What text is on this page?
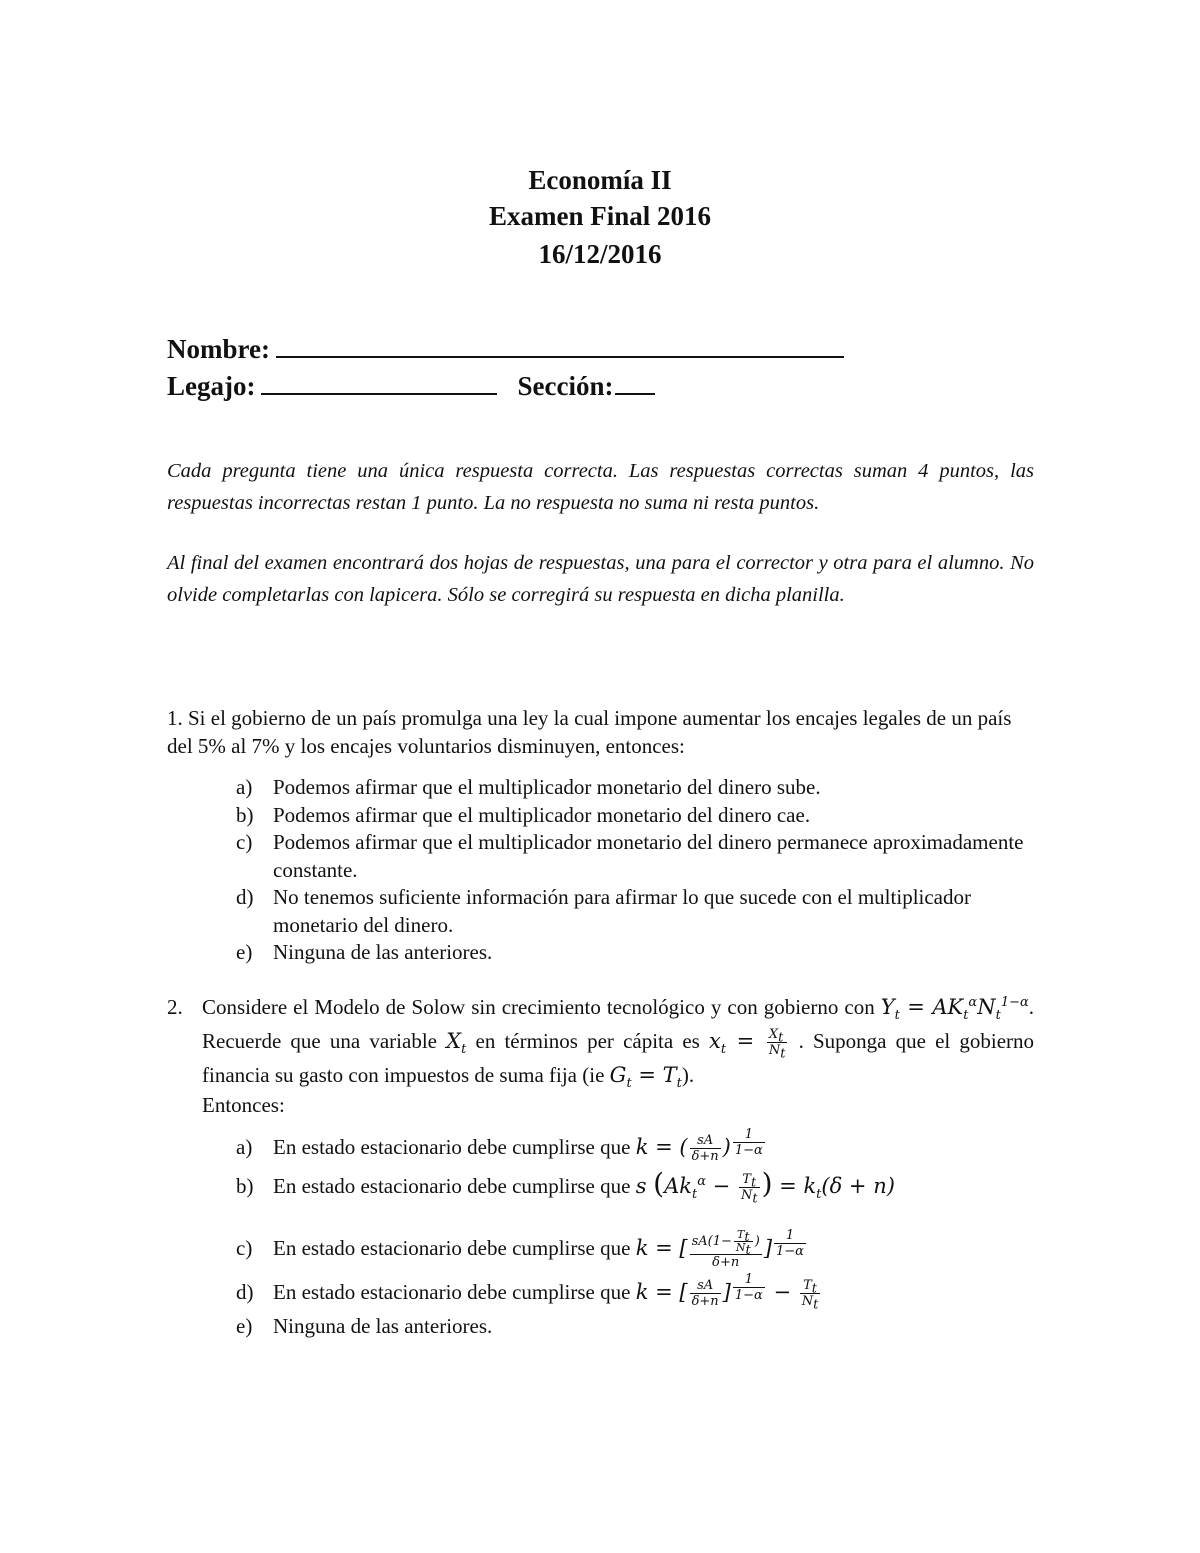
Economía II
Examen Final 2016
16/12/2016
Nombre:
Legajo:	Sección:

Cada pregunta tiene una única respuesta correcta. Las respuestas correctas suman 4 puntos, las respuestas incorrectas restan 1 punto. La no respuesta no suma ni resta puntos.

Al final del examen encontrará dos hojas de respuestas, una para el corrector y otra para el alumno. No olvide completarlas con lapicera. Sólo se corregirá su respuesta en dicha planilla.

1. Si el gobierno de un país promulga una ley la cual impone aumentar los encajes legales de un país del 5% al 7% y los encajes voluntarios disminuyen, entonces:

a) Podemos afirmar que el multiplicador monetario del dinero sube.
b) Podemos afirmar que el multiplicador monetario del dinero cae.
c) Podemos afirmar que el multiplicador monetario del dinero permanece aproximadamente constante.
d) No tenemos suficiente información para afirmar lo que sucede con el multiplicador monetario del dinero.
e) Ninguna de las anteriores.
2. Considere el Modelo de Solow sin crecimiento tecnológico y con gobierno con $Y_t = AK_t^\alpha N_t^{1-\alpha}$. Recuerde que una variable $X_t$ en términos per cápita es $x_t = \frac{X_t}{N_t}$ . Suponga que el gobierno financia su gasto con impuestos de suma fija (ie $G_t = T_t$).
Entonces:

a) En estado estacionario debe cumplirse que k = ( $\frac{sA}{\delta+n}$ ) $^{\frac{1}{1-\alpha}}$
b) En estado estacionario debe cumplirse que s ($Ak_t^\alpha - \frac{T_t}{N_t}$ ) = $k_t(\delta + n)$
c) En estado estacionario debe cumplirse que k = [ $\frac{sA(1- \frac{T_t}{N_t} )}{\delta+n}$ ] $^{\frac{1}{1-\alpha}}$
d) En estado estacionario debe cumplirse que k = [ $\frac{sA}{\delta+n}$ ] $^{\frac{1}{1-\alpha}} - \frac{T_t}{N_t}$
e) Ninguna de las anteriores.
